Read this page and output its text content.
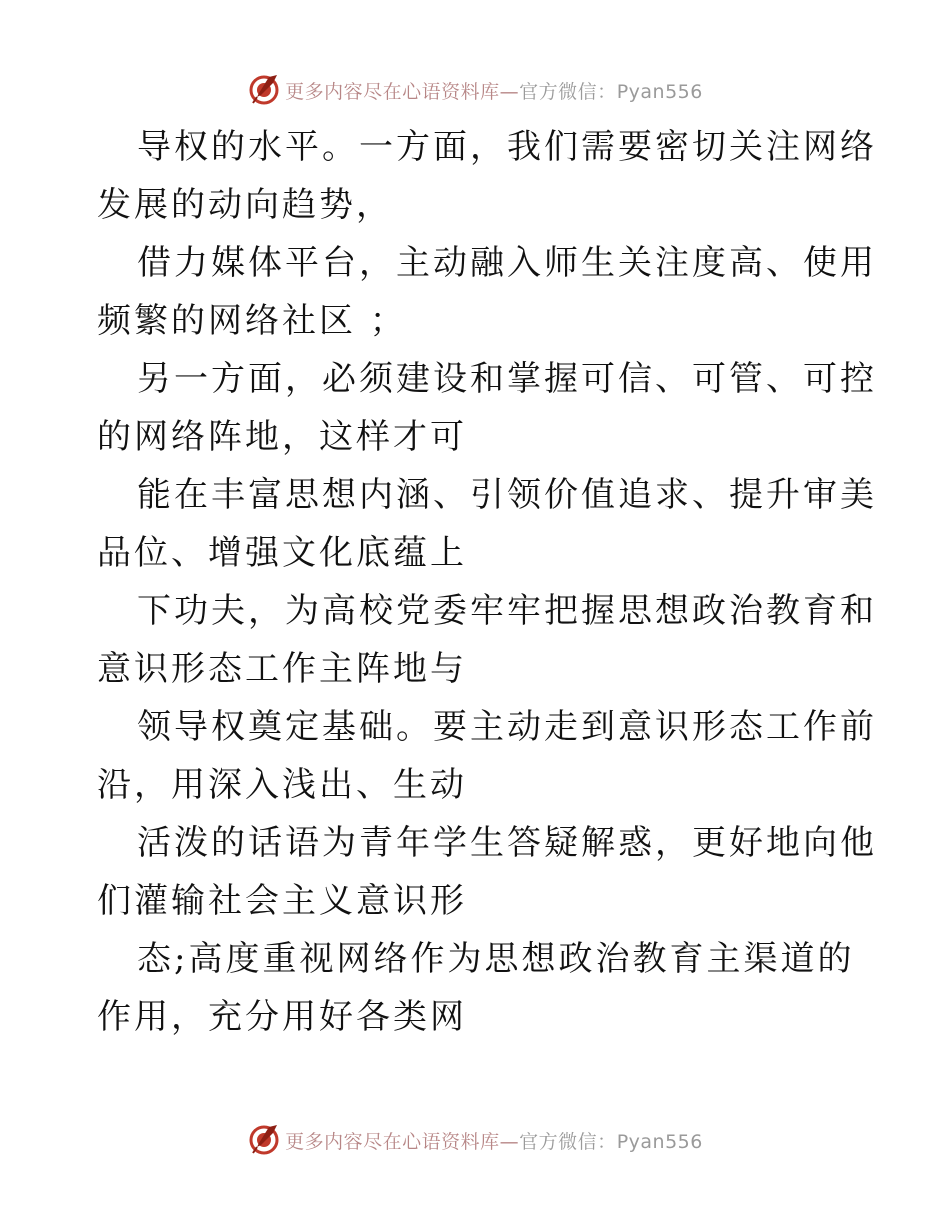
更多内容尽在心语资料库—官方微信：Pyan556

导权的水平。一方面，我们需要密切关注网络发展的动向趋势，

借力媒体平台，主动融入师生关注度高、使用频繁的网络社区 ；

另一方面，必须建设和掌握可信、可管、可控的网络阵地，这样才可

能在丰富思想内涵、引领价值追求、提升审美品位、增强文化底蕴上

下功夫，为高校党委牢牢把握思想政治教育和意识形态工作主阵地与

领导权奠定基础。要主动走到意识形态工作前沿，用深入浅出、生动

活泼的话语为青年学生答疑解惑，更好地向他们灌输社会主义意识形

态;高度重视网络作为思想政治教育主渠道的作用，充分用好各类网

更多内容尽在心语资料库—官方微信：Pyan556
